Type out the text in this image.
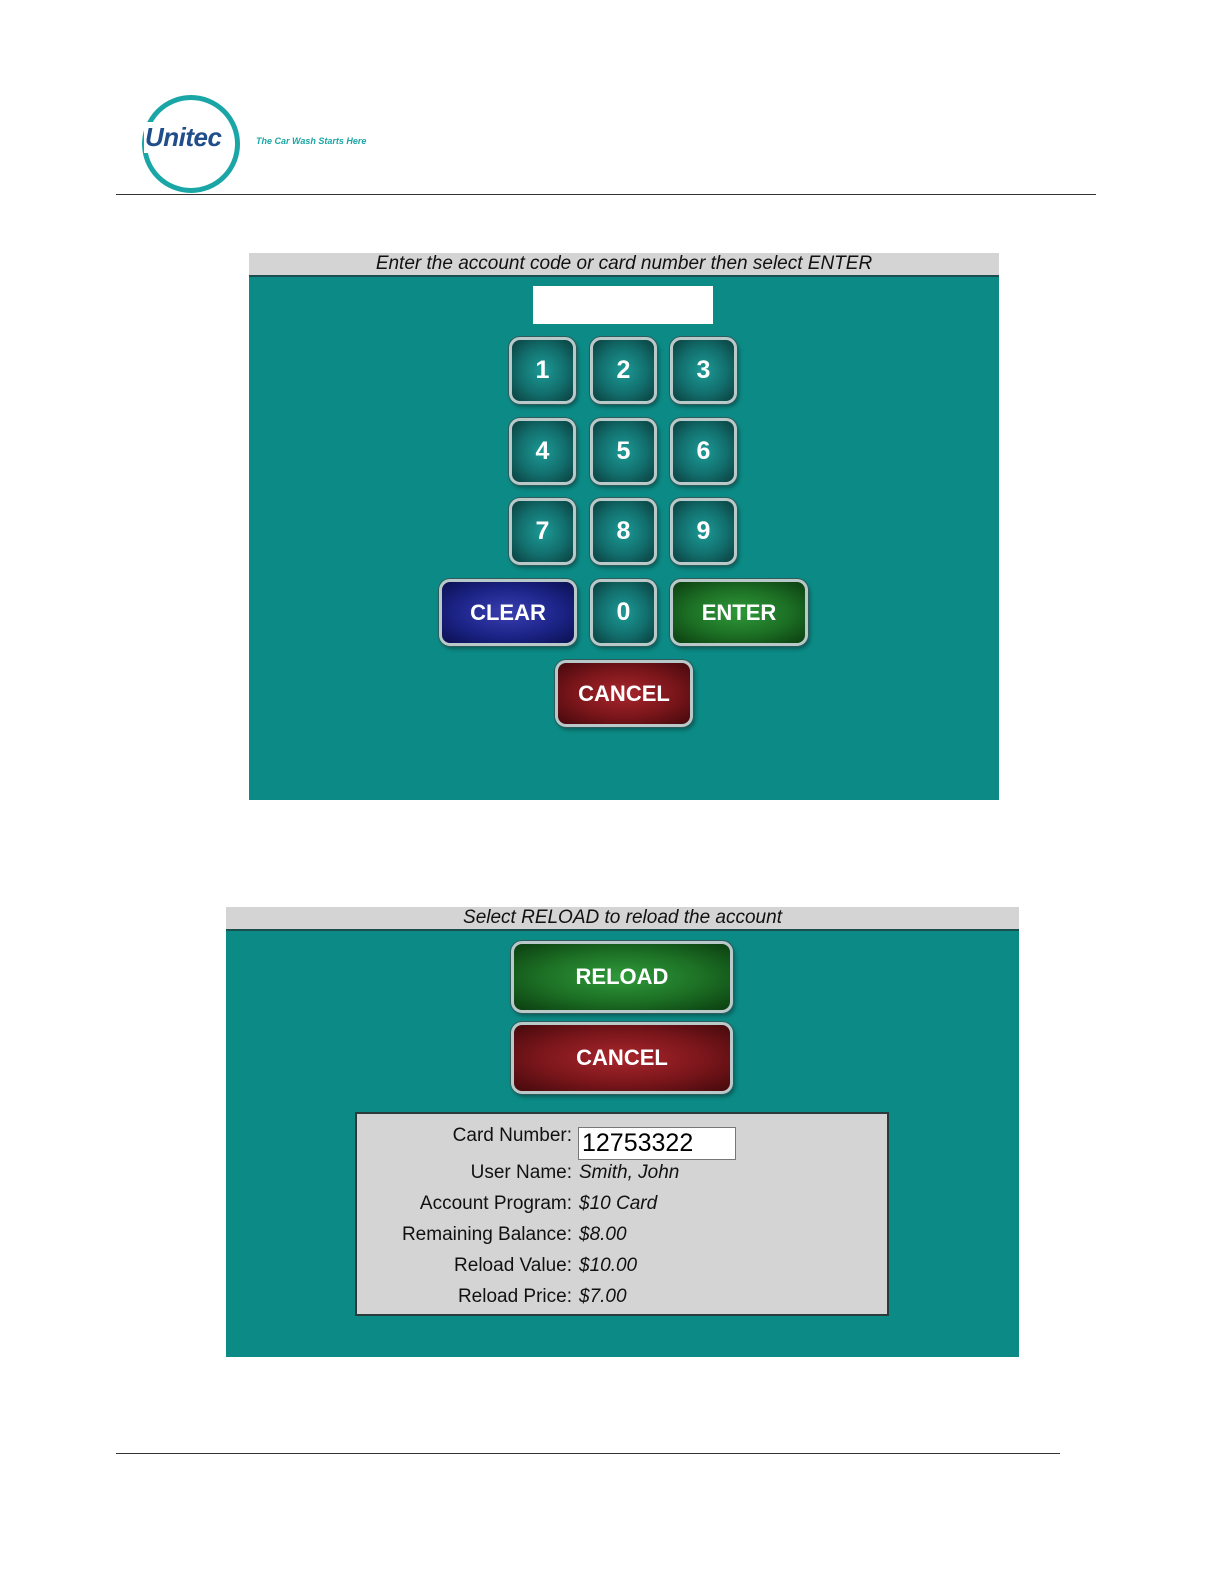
Unitec	The Car Wash Starts Here
Enter the account code or card number then select ENTER
1	2	3
4	5	6
7	8	9
CLEAR	0	ENTER
CANCEL
Select RELOAD to reload the account
RELOAD
CANCEL
Card Number: 12753322
User Name: Smith, John
Account Program: $10 Card
Remaining Balance: $8.00
Reload Value: $10.00
Reload Price: $7.00
